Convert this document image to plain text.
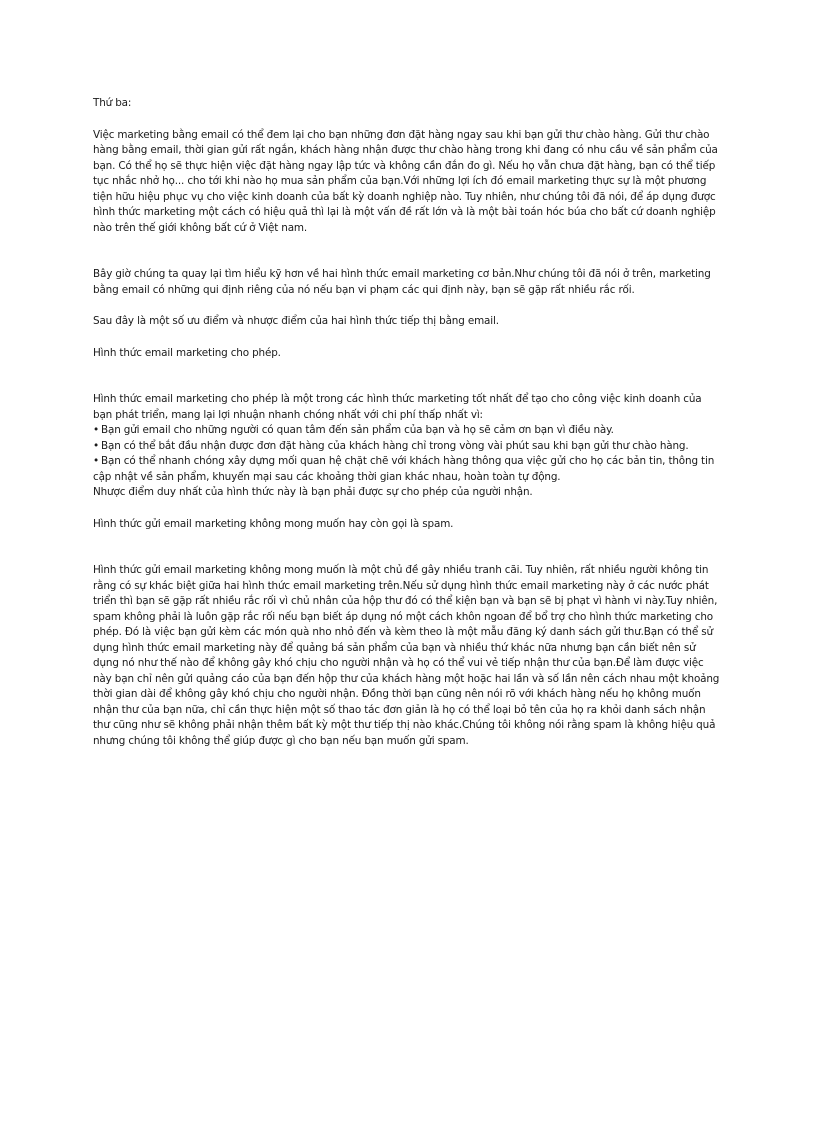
Thứ ba:

Việc marketing bằng email có thể đem lại cho bạn những đơn đặt hàng ngay sau khi bạn gửi thư chào hàng. Gửi thư chào hàng bằng email, thời gian gửi rất ngắn, khách hàng nhận được thư chào hàng trong khi đang có nhu cầu về sản phẩm của bạn. Có thể họ sẽ thực hiện việc đặt hàng ngay lập tức và không cần đắn đo gì. Nếu họ vẫn chưa đặt hàng, bạn có thể tiếp tục nhắc nhở họ... cho tới khi nào họ mua sản phẩm của bạn.Với những lợi ích đó email marketing thực sự là một phương tiện hữu hiệu phục vụ cho việc kinh doanh của bất kỳ doanh nghiệp nào. Tuy nhiên, như chúng tôi đã nói, để áp dụng được hình thức marketing một cách có hiệu quả thì lại là một vấn đề rất lớn và là một bài toán hóc búa cho bất cứ doanh nghiệp nào trên thế giới không bất cứ ở Việt nam.

Bây giờ chúng ta quay lại tìm hiểu kỹ hơn về hai hình thức email marketing cơ bản.Như chúng tôi đã nói ở trên, marketing bằng email có những qui định riêng của nó nếu bạn vi phạm các qui định này, bạn sẽ gặp rất nhiều rắc rối.

Sau đây là một số ưu điểm và nhược điểm của hai hình thức tiếp thị bằng email.

Hình thức email marketing cho phép.

Hình thức email marketing cho phép là một trong các hình thức marketing tốt nhất để tạo cho công việc kinh doanh của bạn phát triển, mang lại lợi nhuận nhanh chóng nhất với chi phí thấp nhất vì:

• Bạn gửi email cho những người có quan tâm đến sản phẩm của bạn và họ sẽ cảm ơn bạn vì điều này.

• Bạn có thể bắt đầu nhận được đơn đặt hàng của khách hàng chỉ trong vòng vài phút sau khi bạn gửi thư chào hàng.

• Bạn có thể nhanh chóng xây dựng mối quan hệ chặt chẽ với khách hàng thông qua việc gửi cho họ các bản tin, thông tin cập nhật về sản phẩm, khuyến mại sau các khoảng thời gian khác nhau, hoàn toàn tự động.

Nhược điểm duy nhất của hình thức này là bạn phải được sự cho phép của người nhận.

Hình thức gửi email marketing không mong muốn hay còn gọi là spam.

Hình thức gửi email marketing không mong muốn là một chủ đề gây nhiều tranh cãi. Tuy nhiên, rất nhiều người không tin rằng có sự khác biệt giữa hai hình thức email marketing trên.Nếu sử dụng hình thức email marketing này ở các nước phát triển thì bạn sẽ gặp rất nhiều rắc rối vì chủ nhân của hộp thư đó có thể kiện bạn và bạn sẽ bị phạt vì hành vi này.Tuy nhiên, spam không phải là luôn gặp rắc rối nếu bạn biết áp dụng nó một cách khôn ngoan để bổ trợ cho hình thức marketing cho phép. Đó là việc bạn gửi kèm các món quà nho nhỏ đến và kèm theo là một mẫu đăng ký danh sách gửi thư.Bạn có thể sử dụng hình thức email marketing này để quảng bá sản phẩm của bạn và nhiều thứ khác nữa nhưng bạn cần biết nên sử dụng nó như thế nào để không gây khó chịu cho người nhận và họ có thể vui vẻ tiếp nhận thư của bạn.Để làm được việc này bạn chỉ nên gửi quảng cáo của bạn đến hộp thư của khách hàng một hoặc hai lần và số lần nên cách nhau một khoảng thời gian dài để không gây khó chịu cho người nhận. Đồng thời bạn cũng nên nói rõ với khách hàng nếu họ không muốn nhận thư của bạn nữa, chỉ cần thực hiện một số thao tác đơn giản là họ có thể loại bỏ tên của họ ra khỏi danh sách nhận thư cũng như sẽ không phải nhận thêm bất kỳ một thư tiếp thị nào khác.Chúng tôi không nói rằng spam là không hiệu quả nhưng chúng tôi không thể giúp được gì cho bạn nếu bạn muốn gửi spam.
